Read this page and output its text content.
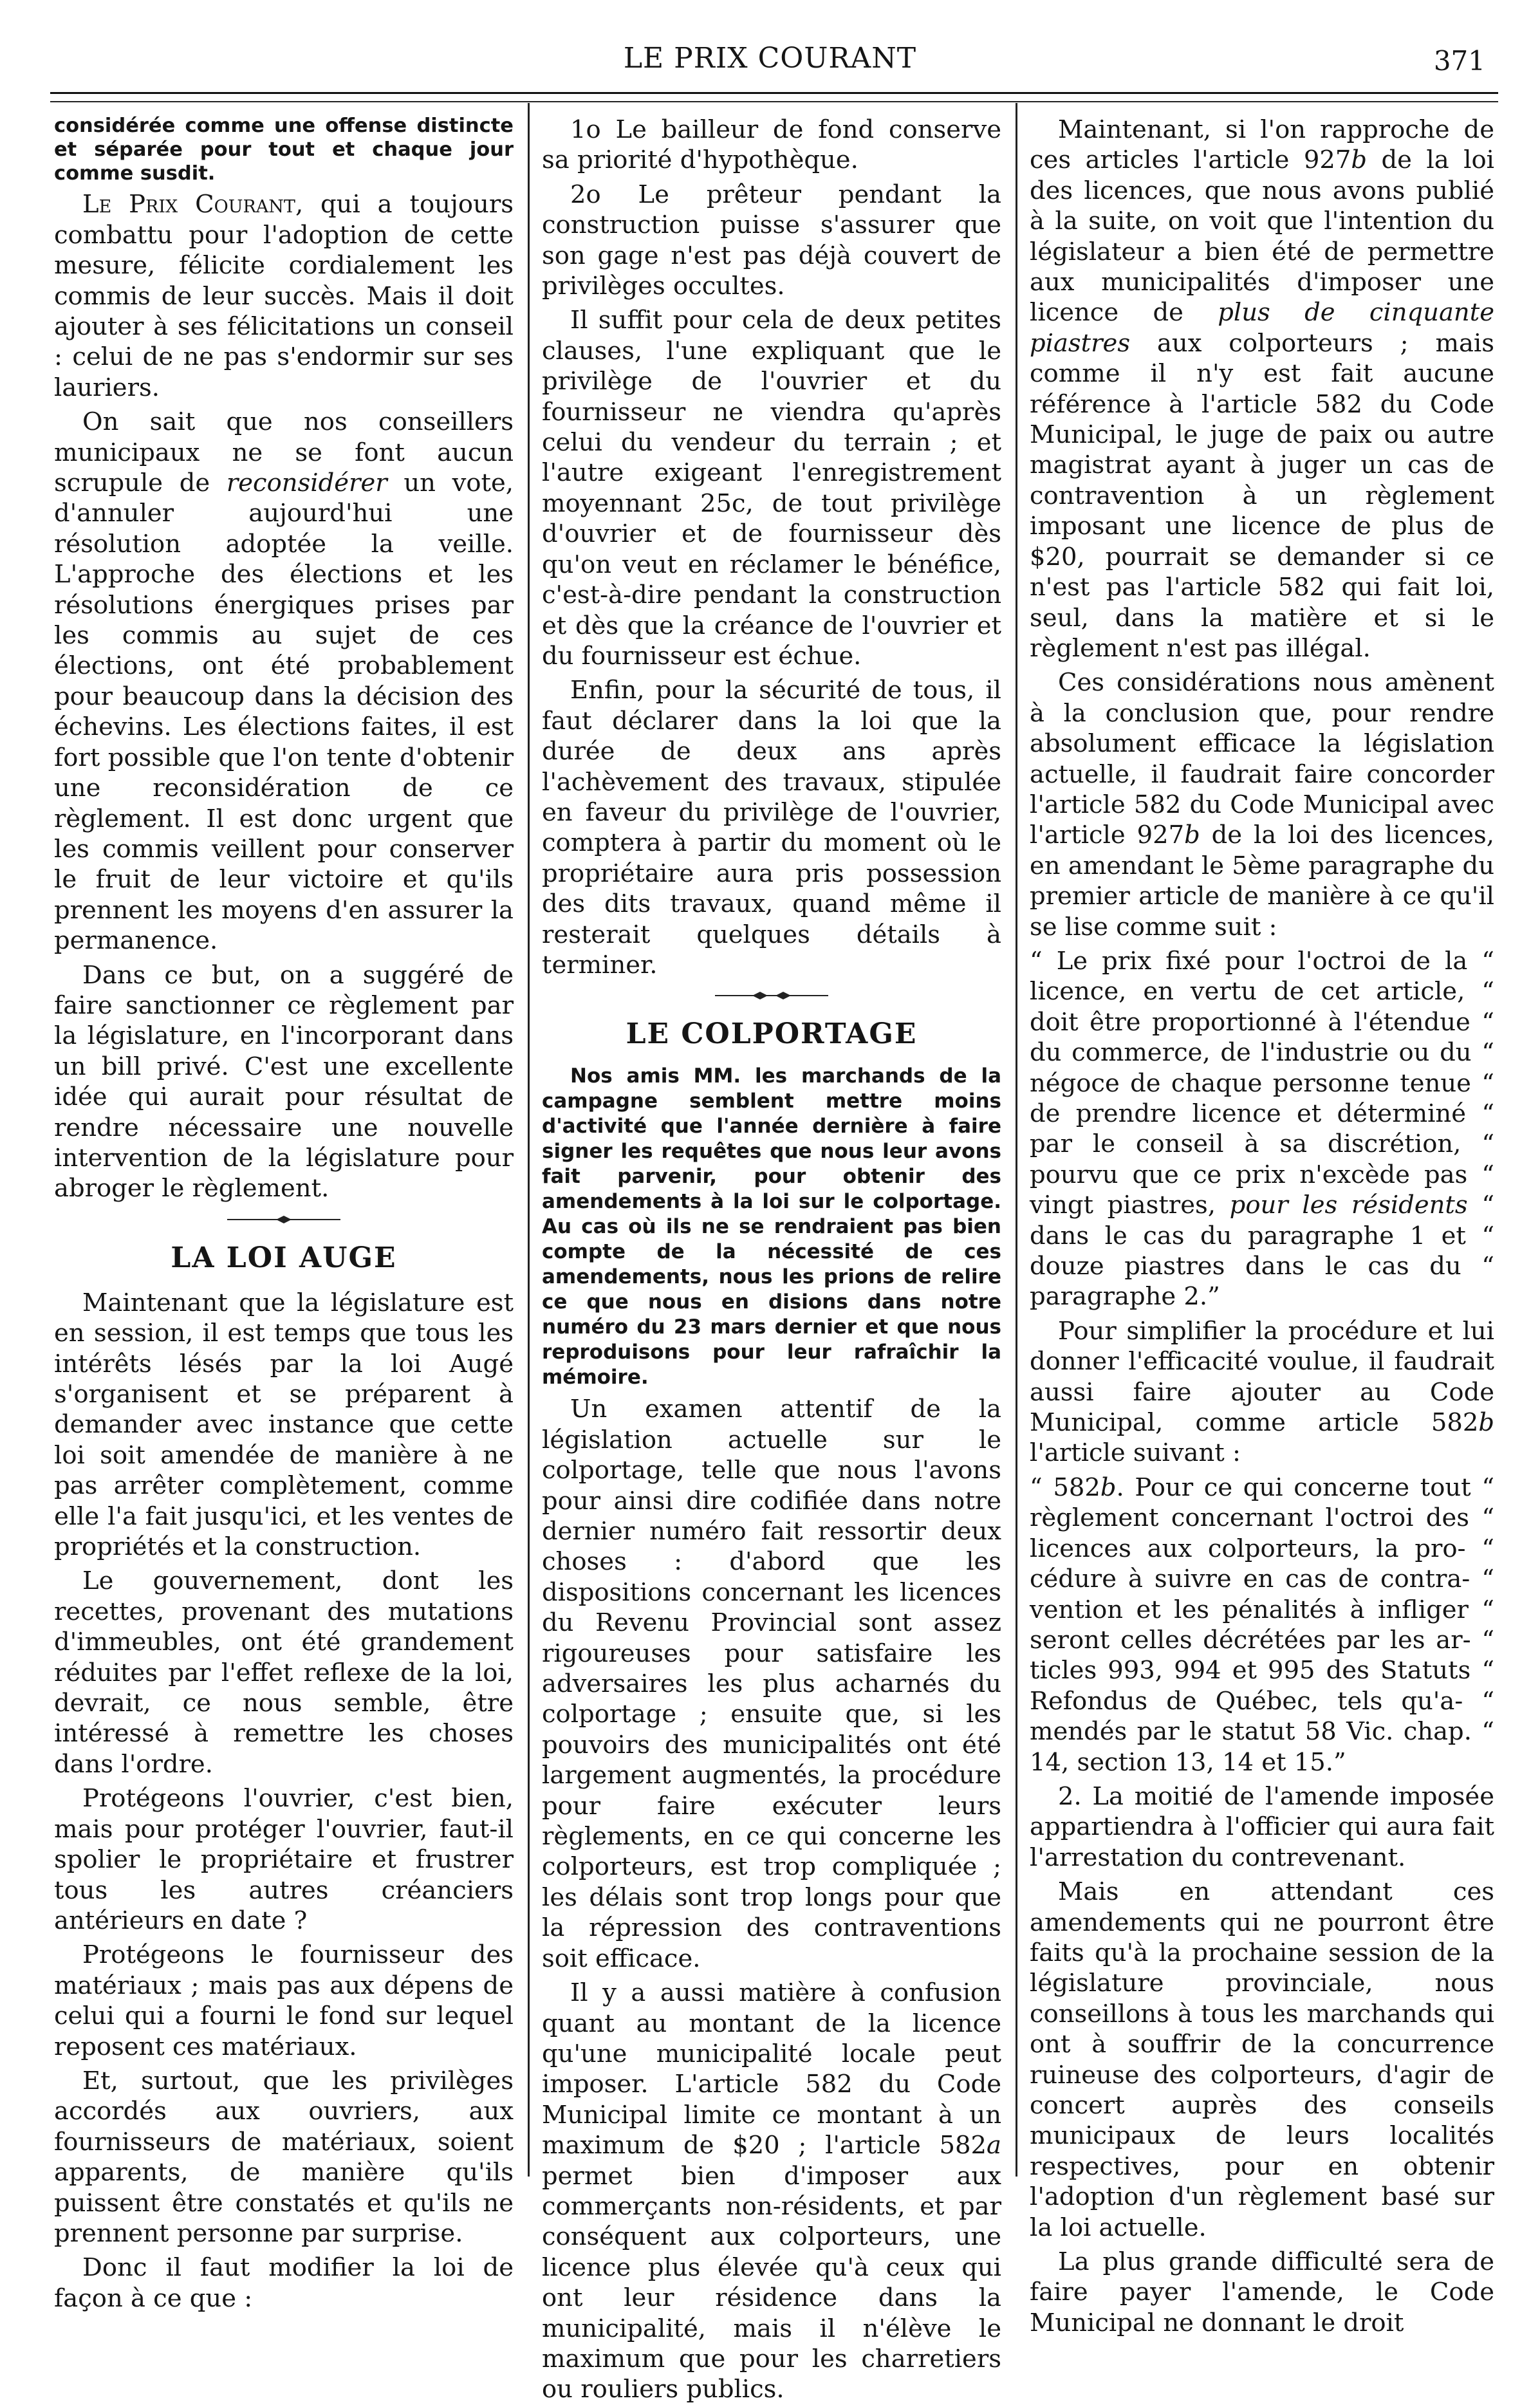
LE PRIX COURANT	371

considérée comme une offense distincte et séparée pour tout et chaque jour comme susdit.

Le Prix Courant, qui a toujours combattu pour l'adoption de cette mesure, félicite cordialement les commis de leur succès. Mais il doit ajouter à ses félicitations un conseil : celui de ne pas s'endormir sur ses lauriers.

On sait que nos conseillers municipaux ne se font aucun scrupule de reconsidérer un vote, d'annuler aujourd'hui une résolution adoptée la veille. L'approche des élections et les résolutions énergiques prises par les commis au sujet de ces élections, ont été probablement pour beaucoup dans la décision des échevins. Les élections faites, il est fort possible que l'on tente d'obtenir une reconsidération de ce règlement. Il est donc urgent que les commis veillent pour conserver le fruit de leur victoire et qu'ils prennent les moyens d'en assurer la permanence.

Dans ce but, on a suggéré de faire sanctionner ce règlement par la législature, en l'incorporant dans un bill privé. C'est une excellente idée qui aurait pour résultat de rendre nécessaire une nouvelle intervention de la législature pour abroger le règlement.

LA LOI AUGE

Maintenant que la législature est en session, il est temps que tous les intérêts lésés par la loi Augé s'organisent et se préparent à demander avec instance que cette loi soit amendée de manière à ne pas arrêter complètement, comme elle l'a fait jusqu'ici, et les ventes de propriétés et la construction.

Le gouvernement, dont les recettes, provenant des mutations d'immeubles, ont été grandement réduites par l'effet reflexe de la loi, devrait, ce nous semble, être intéressé à remettre les choses dans l'ordre.

Protégeons l'ouvrier, c'est bien, mais pour protéger l'ouvrier, faut-il spolier le propriétaire et frustrer tous les autres créanciers antérieurs en date ?

Protégeons le fournisseur des matériaux ; mais pas aux dépens de celui qui a fourni le fond sur lequel reposent ces matériaux.

Et, surtout, que les privilèges accordés aux ouvriers, aux fournisseurs de matériaux, soient apparents, de manière qu'ils puissent être constatés et qu'ils ne prennent personne par surprise.

Donc il faut modifier la loi de façon à ce que :

1o Le bailleur de fond conserve sa priorité d'hypothèque.

2o Le prêteur pendant la construction puisse s'assurer que son gage n'est pas déjà couvert de privilèges occultes.

Il suffit pour cela de deux petites clauses, l'une expliquant que le privilège de l'ouvrier et du fournisseur ne viendra qu'après celui du vendeur du terrain ; et l'autre exigeant l'enregistrement moyennant 25c, de tout privilège d'ouvrier et de fournisseur dès qu'on veut en réclamer le bénéfice, c'est-à-dire pendant la construction et dès que la créance de l'ouvrier et du fournisseur est échue.

Enfin, pour la sécurité de tous, il faut déclarer dans la loi que la durée de deux ans après l'achèvement des travaux, stipulée en faveur du privilège de l'ouvrier, comptera à partir du moment où le propriétaire aura pris possession des dits travaux, quand même il resterait quelques détails à terminer.

LE COLPORTAGE

Nos amis MM. les marchands de la campagne semblent mettre moins d'activité que l'année dernière à faire signer les requêtes que nous leur avons fait parvenir, pour obtenir des amendements à la loi sur le colportage. Au cas où ils ne se rendraient pas bien compte de la nécessité de ces amendements, nous les prions de relire ce que nous en disions dans notre numéro du 23 mars dernier et que nous reproduisons pour leur rafraîchir la mémoire.

Un examen attentif de la législation actuelle sur le colportage, telle que nous l'avons pour ainsi dire codifiée dans notre dernier numéro fait ressortir deux choses : d'abord que les dispositions concernant les licences du Revenu Provincial sont assez rigoureuses pour satisfaire les adversaires les plus acharnés du colportage ; ensuite que, si les pouvoirs des municipalités ont été largement augmentés, la procédure pour faire exécuter leurs règlements, en ce qui concerne les colporteurs, est trop compliquée ; les délais sont trop longs pour que la répression des contraventions soit efficace.

Il y a aussi matière à confusion quant au montant de la licence qu'une municipalité locale peut imposer. L'article 582 du Code Municipal limite ce montant à un maximum de $20 ; l'article 582a permet bien d'imposer aux commerçants non-résidents, et par conséquent aux colporteurs, une licence plus élevée qu'à ceux qui ont leur résidence dans la municipalité, mais il n'élève le maximum que pour les charretiers ou rouliers publics.

Maintenant, si l'on rapproche de ces articles l'article 927b de la loi des licences, que nous avons publié à la suite, on voit que l'intention du législateur a bien été de permettre aux municipalités d'imposer une licence de plus de cinquante piastres aux colporteurs ; mais comme il n'y est fait aucune référence à l'article 582 du Code Municipal, le juge de paix ou autre magistrat ayant à juger un cas de contravention à un règlement imposant une licence de plus de $20, pourrait se demander si ce n'est pas l'article 582 qui fait loi, seul, dans la matière et si le règlement n'est pas illégal.

Ces considérations nous amènent à la conclusion que, pour rendre absolument efficace la législation actuelle, il faudrait faire concorder l'article 582 du Code Municipal avec l'article 927b de la loi des licences, en amendant le 5ème paragraphe du premier article de manière à ce qu'il se lise comme suit :

“ Le prix fixé pour l'octroi de la “ licence, en vertu de cet article, “ doit être proportionné à l'étendue “ du commerce, de l'industrie ou du “ négoce de chaque personne tenue “ de prendre licence et déterminé “ par le conseil à sa discrétion, “ pourvu que ce prix n'excède pas “ vingt piastres, pour les résidents “ dans le cas du paragraphe 1 et “ douze piastres dans le cas du “ paragraphe 2.”

Pour simplifier la procédure et lui donner l'efficacité voulue, il faudrait aussi faire ajouter au Code Municipal, comme article 582b l'article suivant :

“ 582b. Pour ce qui concerne tout “ règlement concernant l'octroi des “ licences aux colporteurs, la pro- “ cédure à suivre en cas de contra- “ vention et les pénalités à infliger “ seront celles décrétées par les ar- “ ticles 993, 994 et 995 des Statuts “ Refondus de Québec, tels qu'a- “ mendés par le statut 58 Vic. chap. “ 14, section 13, 14 et 15.”

2. La moitié de l'amende imposée appartiendra à l'officier qui aura fait l'arrestation du contrevenant.

Mais en attendant ces amendements qui ne pourront être faits qu'à la prochaine session de la législature provinciale, nous conseillons à tous les marchands qui ont à souffrir de la concurrence ruineuse des colporteurs, d'agir de concert auprès des conseils municipaux de leurs localités respectives, pour en obtenir l'adoption d'un règlement basé sur la loi actuelle.

La plus grande difficulté sera de faire payer l'amende, le Code Municipal ne donnant le droit
